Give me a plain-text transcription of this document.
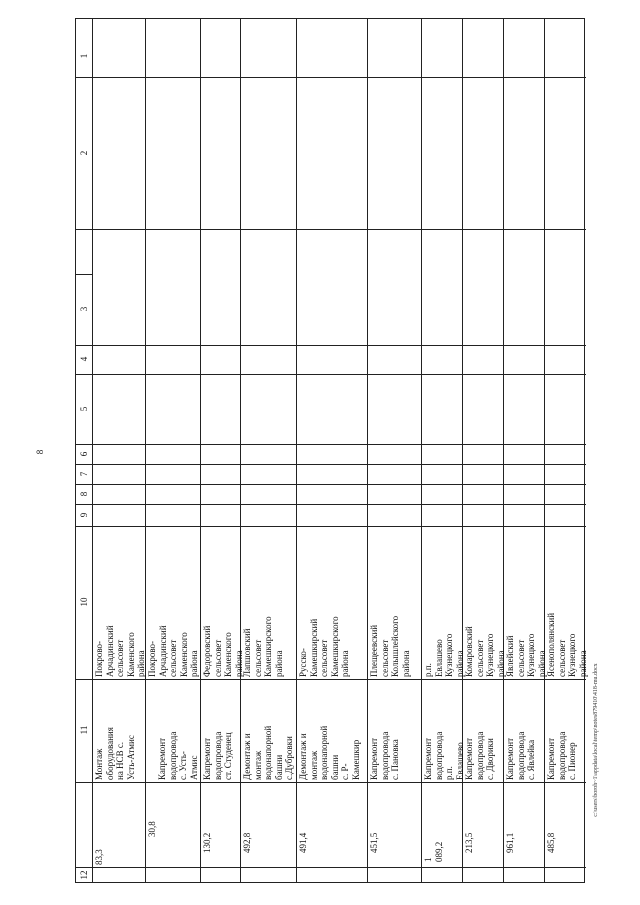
8
c:\users\boroh~1\appdata\local\temp\notes879410\418-mu.docx
1
2
3
4
5
6
7
8
9
10
11
12
Покрово-
Арчадинский
сельсовет
Каменского района
Монтаж оборудования
на НСВ с. Усть-Атмис
83,3
Покрово-
Арчадинский
сельсовет
Каменского района
Капремонт
водопровода
с. Усть-Атмис
30,8
Федоровский
сельсовет
Каменского района
Капремонт
водопровода
ст. Студенец
130,2
Лапшовский
сельсовет
Камешкирского
района
Демонтаж и монтаж
водонапорной башни
с.Дубровки
492,8
Русско-
Камешкирский
сельсовет
Камешкирского
района
Демонтаж и монтаж
водонапорной башни
с. Р-Камешкир
491,4
Плещеевский
сельсовет
Колышлейского
района
Капремонт
водопровода
с. Пановка
451,5
р.п. Евлашево
Кузнецкого района
Капремонт
водопровода
р.п. Евлашево
1 089,2
Комаровский
сельсовет
Кузнецкого района
Капремонт
водопровода
с. Дворики
213,5
Явлейский
сельсовет
Кузнецкого района
Капремонт
водопровода
с. Явлейка
961,1
Ясенополянский
сельсовет
Кузнецкого района
Капремонт
водопровода
с. Пионер
485,8
